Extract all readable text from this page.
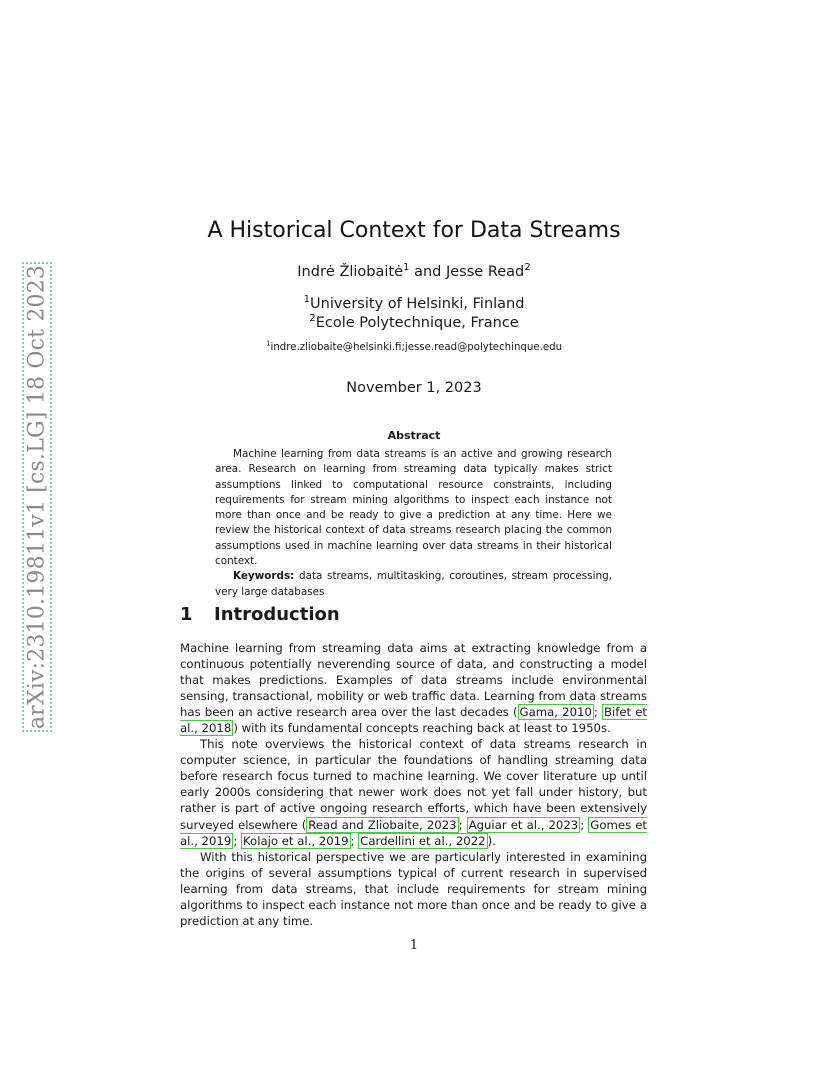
arXiv:2310.19811v1 [cs.LG] 18 Oct 2023
A Historical Context for Data Streams
Indrė Žliobaitė$^1$ and Jesse Read$^2$
$^1$University of Helsinki, Finland
$^2$Ecole Polytechnique, France
$^1$indre.zliobaite@helsinki.fi;jesse.read@polytechinque.edu
November 1, 2023
Abstract

Machine learning from data streams is an active and growing research area. Research on learning from streaming data typically makes strict assumptions linked to computational resource constraints, including requirements for stream mining algorithms to inspect each instance not more than once and be ready to give a prediction at any time. Here we review the historical context of data streams research placing the common assumptions used in machine learning over data streams in their historical context.

Keywords: data streams, multitasking, coroutines, stream processing, very large databases

1 Introduction

Machine learning from streaming data aims at extracting knowledge from a continuous potentially neverending source of data, and constructing a model that makes predictions. Examples of data streams include environmental sensing, transactional, mobility or web traffic data. Learning from data streams has been an active research area over the last decades ( Gama, 2010 ; Bifet et al., 2018 ) with its fundamental concepts reaching back at least to 1950s.

This note overviews the historical context of data streams research in computer science, in particular the foundations of handling streaming data before research focus turned to machine learning. We cover literature up until early 2000s considering that newer work does not yet fall under history, but rather is part of active ongoing research efforts, which have been extensively surveyed elsewhere ( Read and Zliobaite, 2023 ; Aguiar et al., 2023 ; Gomes et al., 2019 ; Kolajo et al., 2019 ; Cardellini et al., 2022 ).

With this historical perspective we are particularly interested in examining the origins of several assumptions typical of current research in supervised learning from data streams, that include requirements for stream mining algorithms to inspect each instance not more than once and be ready to give a prediction at any time.

1
